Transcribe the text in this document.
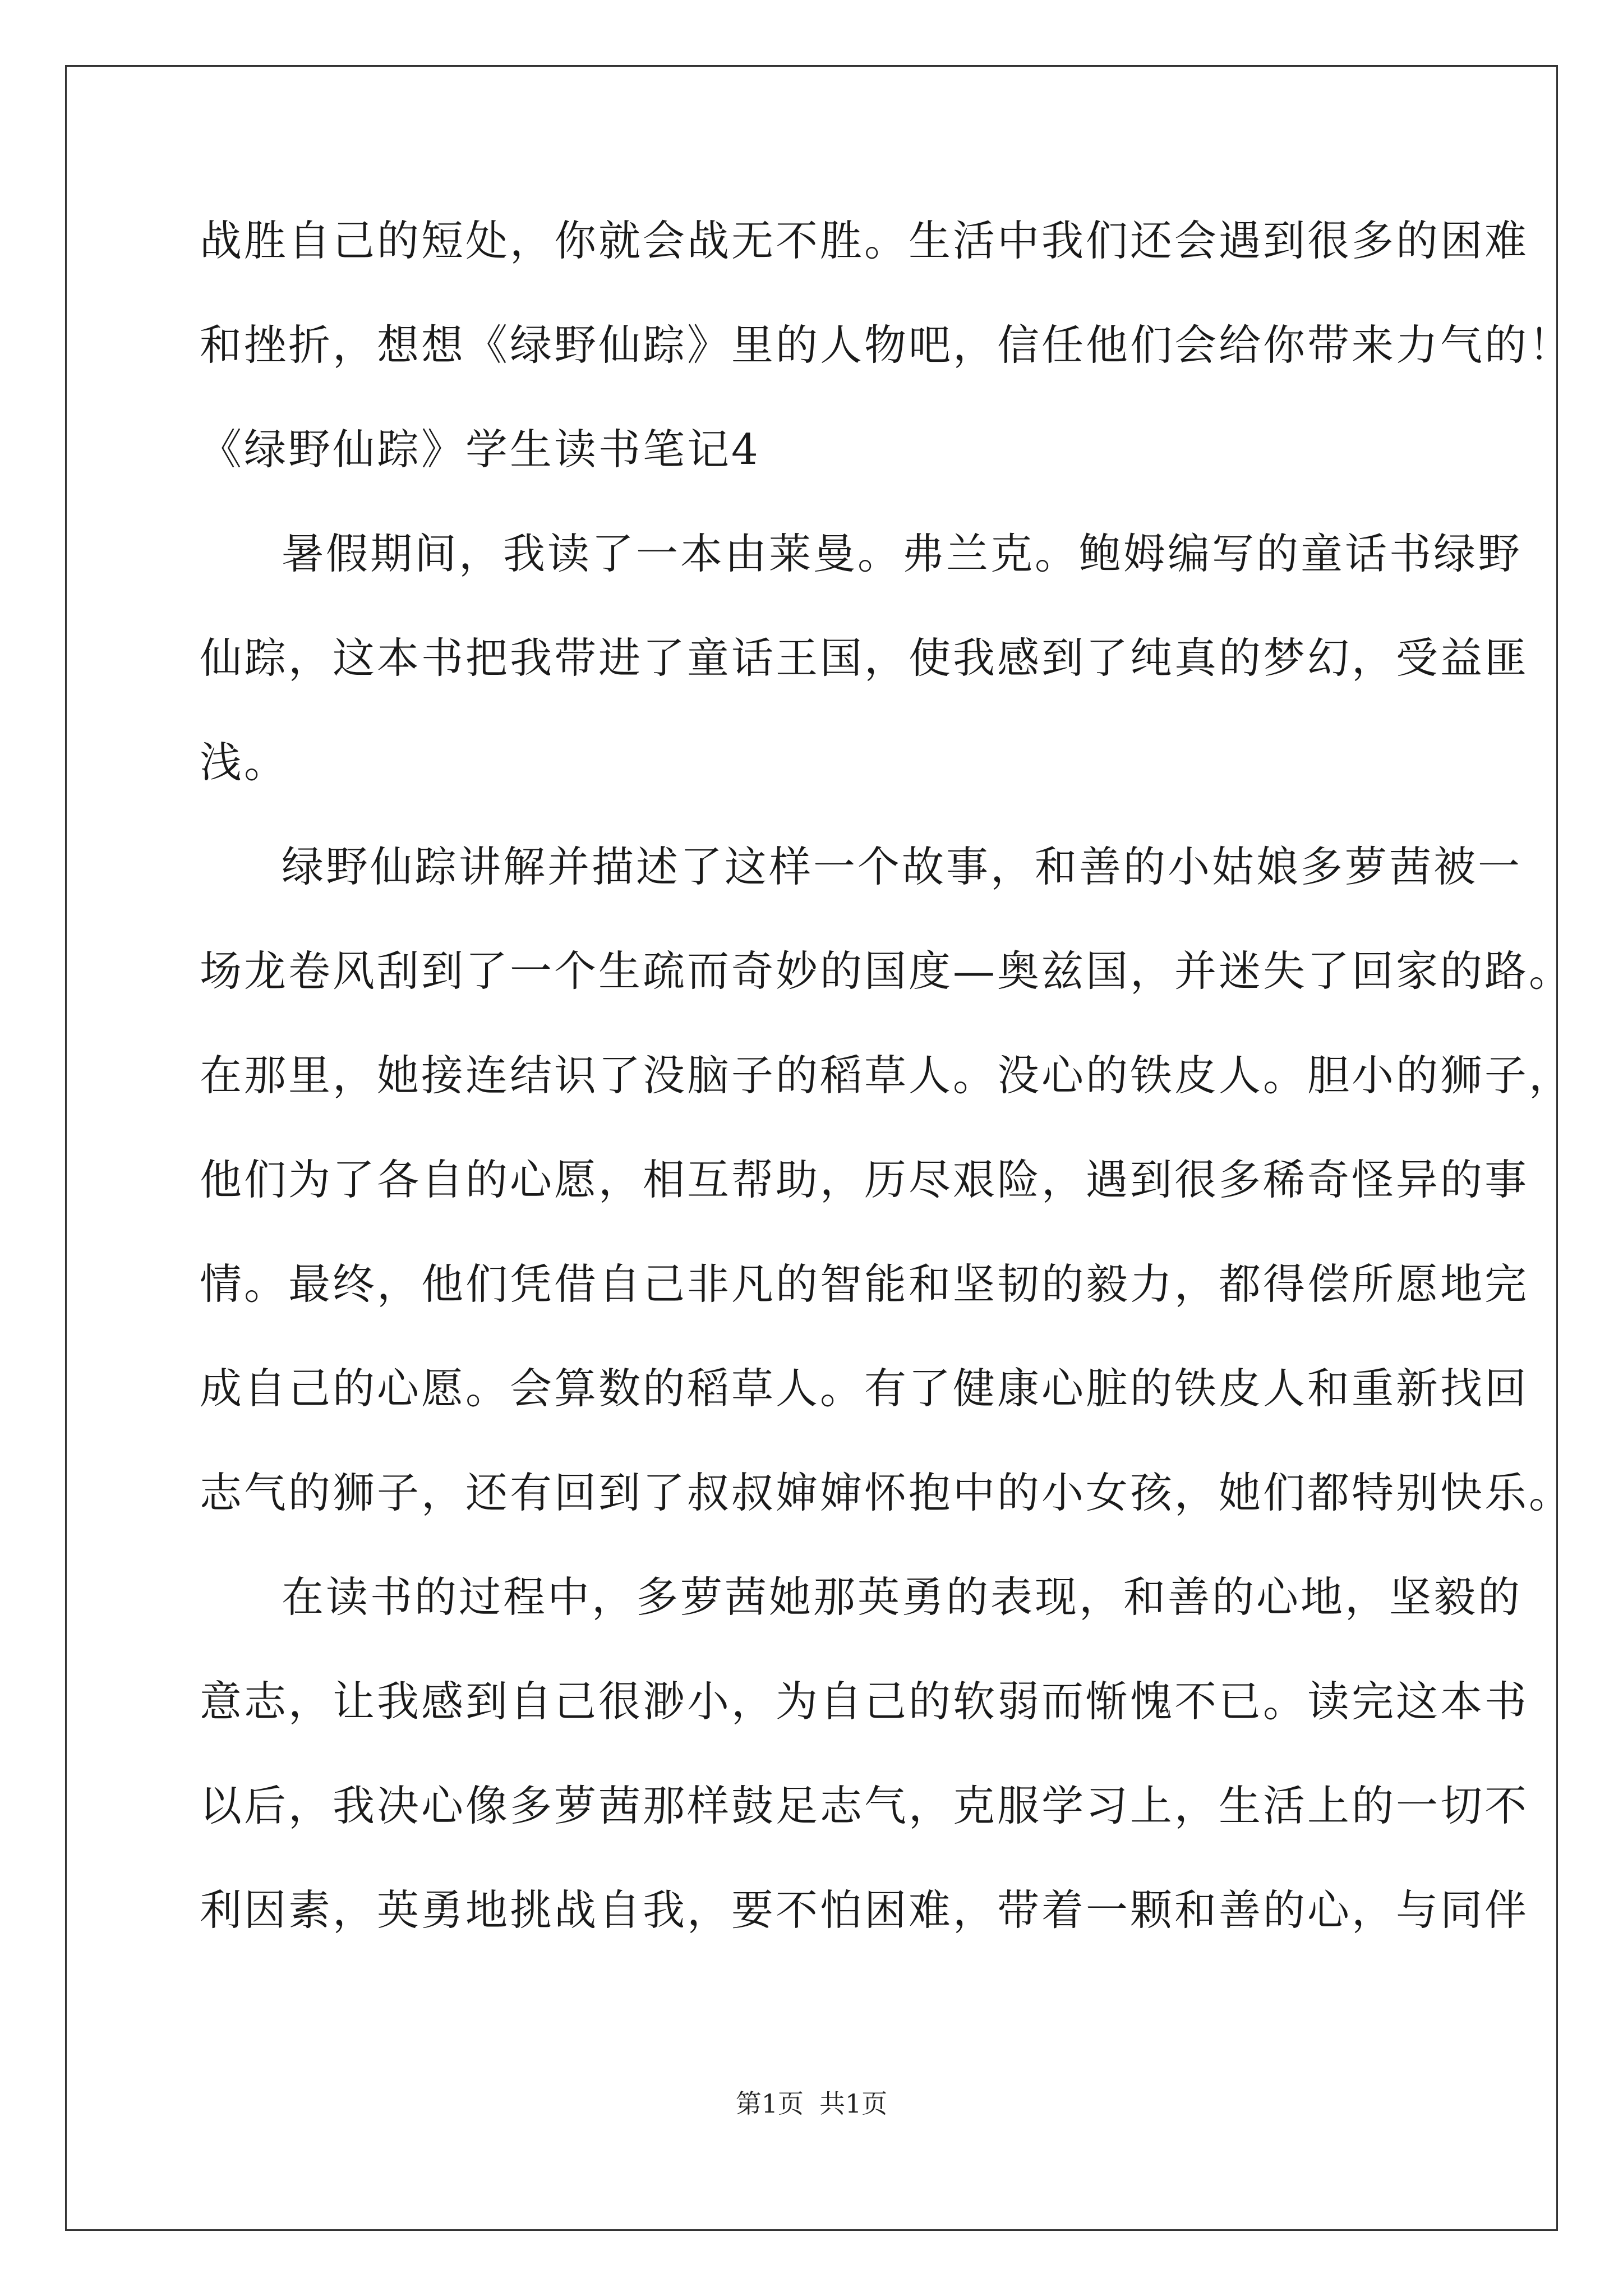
战胜自己的短处，你就会战无不胜。生活中我们还会遇到很多的困难
和挫折，想想《绿野仙踪》里的人物吧，信任他们会给你带来力气的！
《绿野仙踪》学生读书笔记4
暑假期间，我读了一本由莱曼。弗兰克。鲍姆编写的童话书绿野
仙踪，这本书把我带进了童话王国，使我感到了纯真的梦幻，受益匪
浅。
绿野仙踪讲解并描述了这样一个故事，和善的小姑娘多萝茜被一
场龙卷风刮到了一个生疏而奇妙的国度—奥兹国，并迷失了回家的路。
在那里，她接连结识了没脑子的稻草人。没心的铁皮人。胆小的狮子，
他们为了各自的心愿，相互帮助，历尽艰险，遇到很多稀奇怪异的事
情。最终，他们凭借自己非凡的智能和坚韧的毅力，都得偿所愿地完
成自己的心愿。会算数的稻草人。有了健康心脏的铁皮人和重新找回
志气的狮子，还有回到了叔叔婶婶怀抱中的小女孩，她们都特别快乐。
在读书的过程中，多萝茜她那英勇的表现，和善的心地，坚毅的
意志，让我感到自己很渺小，为自己的软弱而惭愧不已。读完这本书
以后，我决心像多萝茜那样鼓足志气，克服学习上，生活上的一切不
利因素，英勇地挑战自我，要不怕困难，带着一颗和善的心，与同伴
第1页 共1页
